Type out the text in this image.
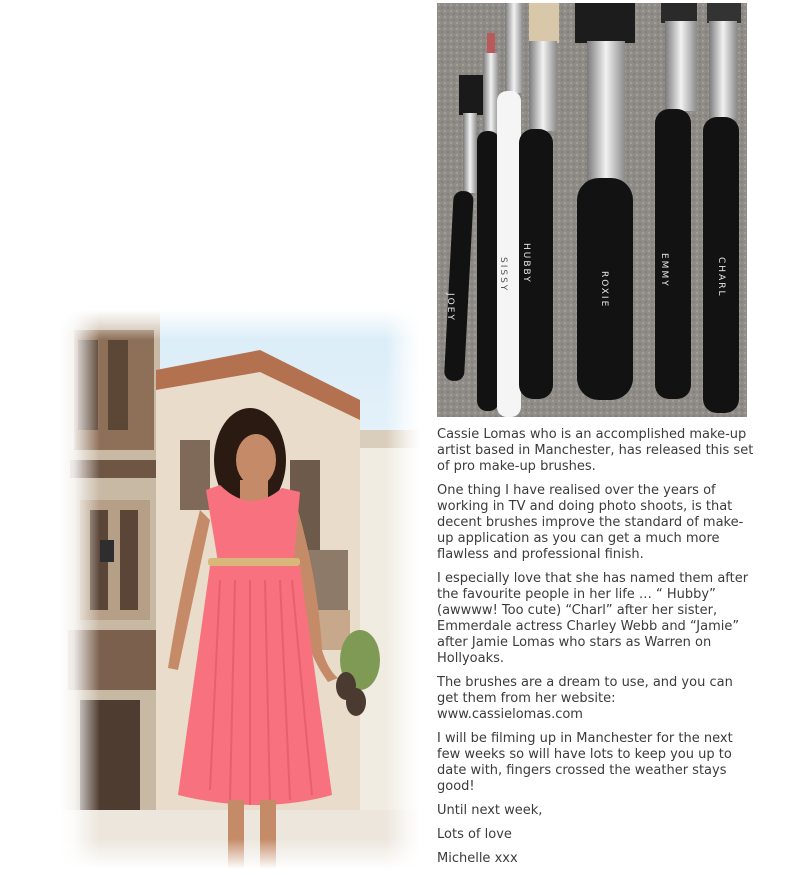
JOEY
SISSY HUBBY
ROXIE
EMMY	CHARL

Cassie Lomas who is an accomplished make-up artist based in Manchester, has released this set of pro make-up brushes.

One thing I have realised over the years of working in TV and doing photo shoots, is that decent brushes improve the standard of make-up application as you can get a much more flawless and professional finish.

I especially love that she has named them after the favourite people in her life … “ Hubby” (awwww! Too cute) “Charl” after her sister, Emmerdale actress Charley Webb and “Jamie” after Jamie Lomas who stars as Warren on Hollyoaks.

The brushes are a dream to use, and you can get them from her website: www.cassielomas.com

I will be filming up in Manchester for the next few weeks so will have lots to keep you up to date with, fingers crossed the weather stays good!

Until next week,

Lots of love

Michelle xxx
